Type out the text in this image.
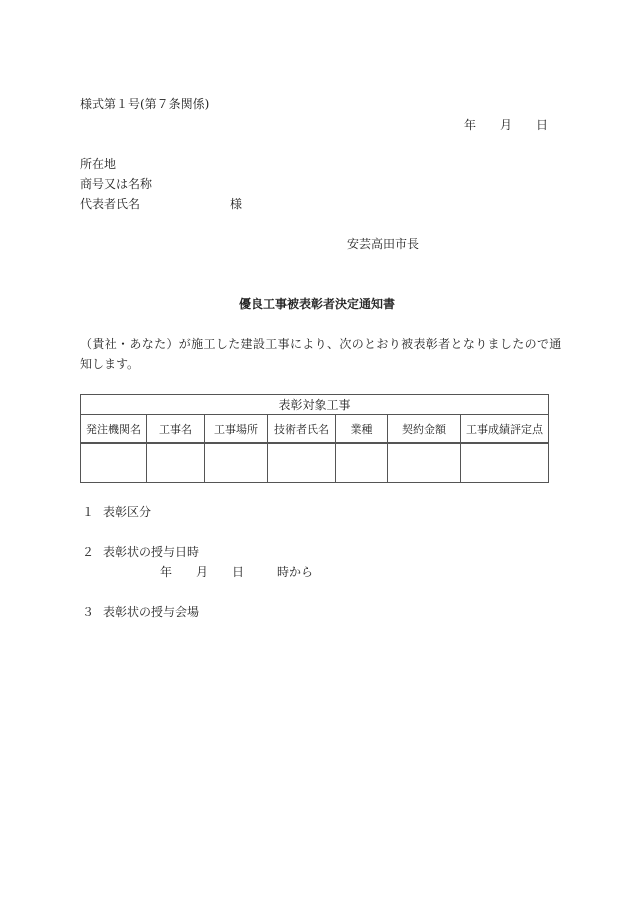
様式第１号(第７条関係)
年 月 日
所在地
商号又は名称
代表者氏名	様
安芸高田市長
優良工事被表彰者決定通知書
（貴社・あなた）が施工した建設工事により、次のとおり被表彰者となりましたので通
知します。
表彰対象工事						
発注機関名	工事名	工事場所	技術者氏名	業種	契約金額	工事成績評定点

１ 表彰区分
２ 表彰状の授与日時
年 月 日	時から
３ 表彰状の授与会場
